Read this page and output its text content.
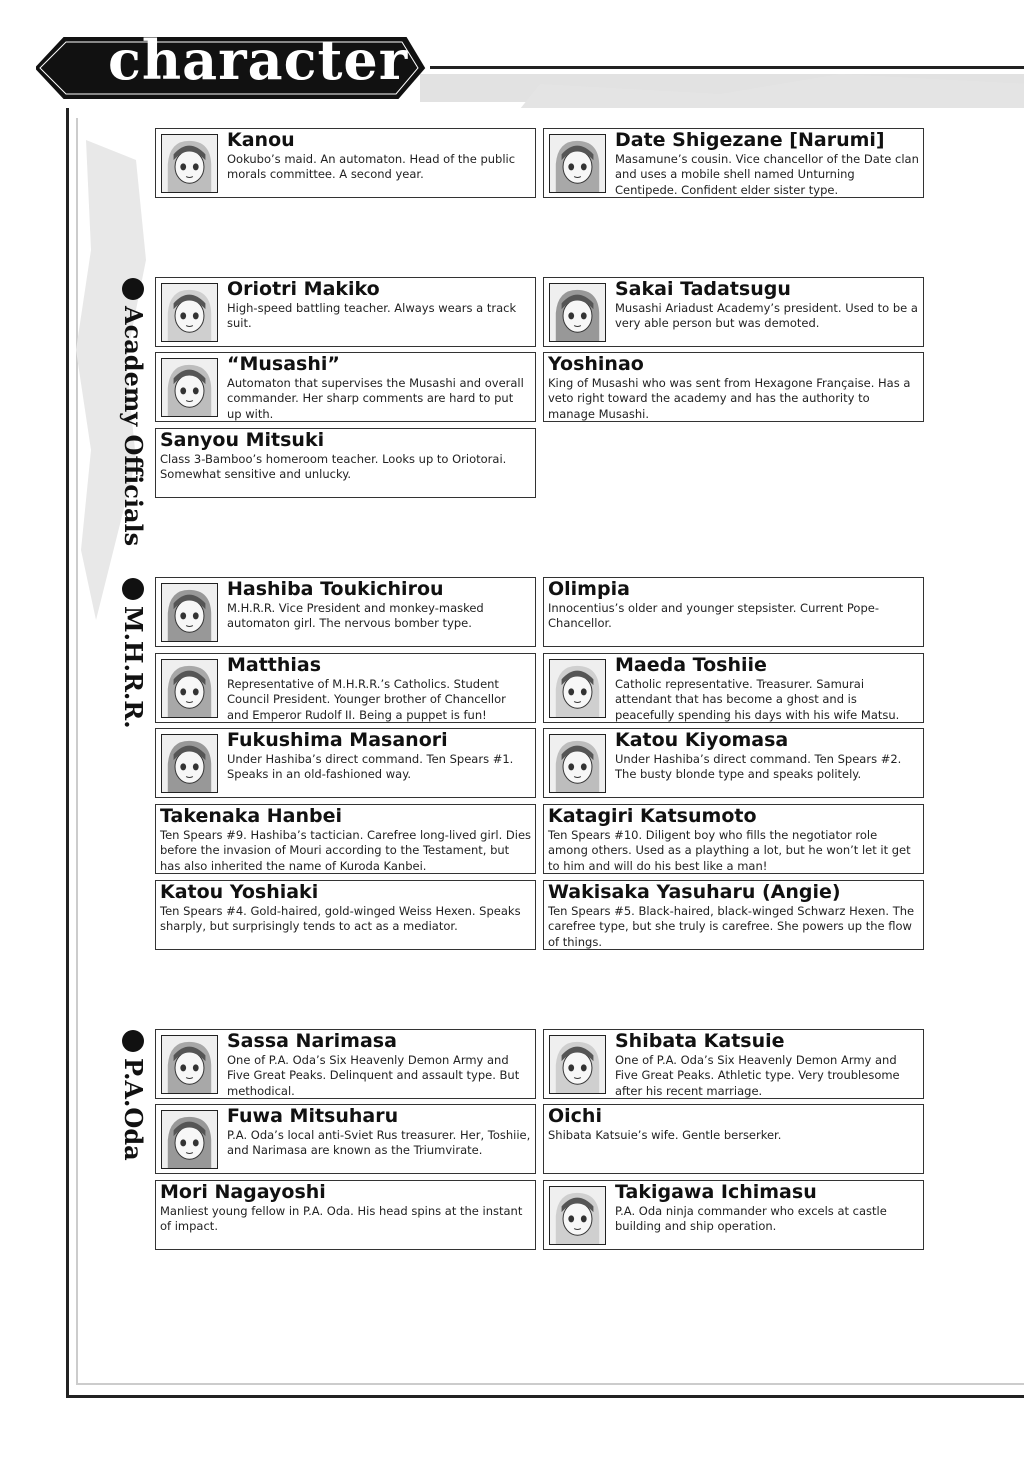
character
Academy Officials
M.H.R.R.
P.A.Oda
Kanou
Ookubo’s maid. An automaton. Head of the public morals committee. A second year.
Date Shigezane [Narumi]
Masamune’s cousin. Vice chancellor of the Date clan and uses a mobile shell named Unturning Centipede. Confident elder sister type.
Oriotri Makiko
High-speed battling teacher. Always wears a track suit.
Sakai Tadatsugu
Musashi Ariadust Academy’s president. Used to be a very able person but was demoted.
“Musashi”
Automaton that supervises the Musashi and overall commander. Her sharp comments are hard to put up with.
Yoshinao
King of Musashi who was sent from Hexagone Française. Has a veto right toward the academy and has the authority to manage Musashi.
Sanyou Mitsuki
Class 3-Bamboo’s homeroom teacher. Looks up to Oriotorai. Somewhat sensitive and unlucky.
Hashiba Toukichirou
M.H.R.R. Vice President and monkey-masked automaton girl. The nervous bomber type.
Olimpia
Innocentius’s older and younger stepsister. Current Pope-Chancellor.
Matthias
Representative of M.H.R.R.’s Catholics. Student Council President. Younger brother of Chancellor and Emperor Rudolf II. Being a puppet is fun!
Maeda Toshiie
Catholic representative. Treasurer. Samurai attendant that has become a ghost and is peacefully spending his days with his wife Matsu.
Fukushima Masanori
Under Hashiba’s direct command. Ten Spears #1. Speaks in an old-fashioned way.
Katou Kiyomasa
Under Hashiba’s direct command. Ten Spears #2. The busty blonde type and speaks politely.
Takenaka Hanbei
Ten Spears #9. Hashiba’s tactician. Carefree long-lived girl. Dies before the invasion of Mouri according to the Testament, but has also inherited the name of Kuroda Kanbei.
Katagiri Katsumoto
Ten Spears #10. Diligent boy who fills the negotiator role among others. Used as a plaything a lot, but he won’t let it get to him and will do his best like a man!
Katou Yoshiaki
Ten Spears #4. Gold-haired, gold-winged Weiss Hexen. Speaks sharply, but surprisingly tends to act as a mediator.
Wakisaka Yasuharu (Angie)
Ten Spears #5. Black-haired, black-winged Schwarz Hexen. The carefree type, but she truly is carefree. She powers up the flow of things.
Sassa Narimasa
One of P.A. Oda’s Six Heavenly Demon Army and Five Great Peaks. Delinquent and assault type. But methodical.
Shibata Katsuie
One of P.A. Oda’s Six Heavenly Demon Army and Five Great Peaks. Athletic type. Very troublesome after his recent marriage.
Fuwa Mitsuharu
P.A. Oda’s local anti-Sviet Rus treasurer. Her, Toshiie, and Narimasa are known as the Triumvirate.
Oichi
Shibata Katsuie’s wife. Gentle berserker.
Mori Nagayoshi
Manliest young fellow in P.A. Oda. His head spins at the instant of impact.
Takigawa Ichimasu
P.A. Oda ninja commander who excels at castle building and ship operation.
